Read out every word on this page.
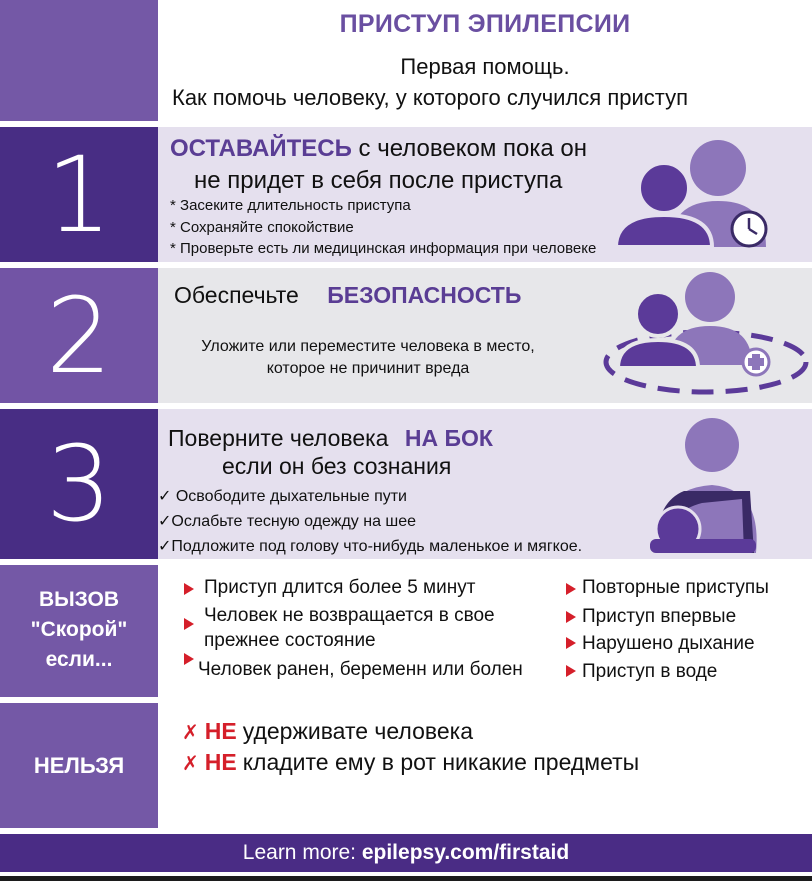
ПРИСТУП ЭПИЛЕПСИИ
Первая помощь.
Как помочь человеку, у которого случился приступ
1	ОСТАВАЙТЕСЬ с человеком пока он
не придет в себя после приступа
* Засеките длительность приступа
* Сохраняйте спокойствие
* Проверьте есть ли медицинская информация при человеке
2	Обеспечьте БЕЗОПАСНОСТЬ
Уложите или переместите человека в место,
которое не причинит вреда
3	Поверните человека НА БОК
если он без сознания
✓ Освободите дыхательные пути
✓Ослабьте тесную одежду на шее
✓Подложите под голову что-нибудь маленькое и мягкое.
ВЫЗОВ
"Скорой"
если...
Приступ длится более 5 минут
Человек не возвращается в свое
прежнее состояние
Человек ранен, беременн или болен
Повторные приступы
Приступ впервые
Нарушено дыхание
Приступ в воде
НЕЛЬЗЯ
✗ НЕ удерживате человека
✗ НЕ кладите ему в рот никакие предметы
Learn more: epilepsy.com/firstaid
